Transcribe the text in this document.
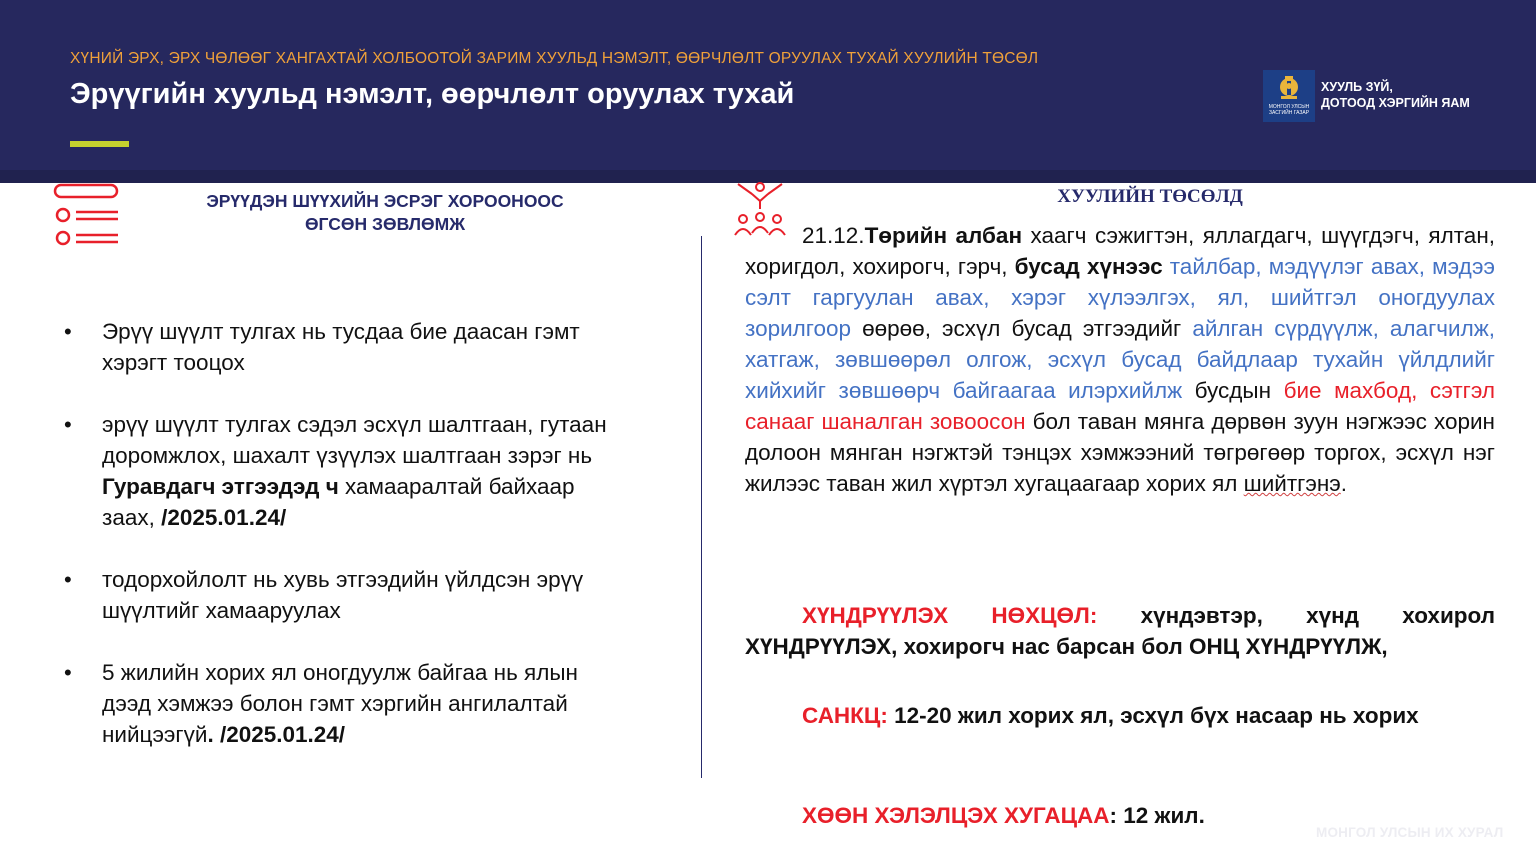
ХҮНИЙ ЭРХ, ЭРХ ЧӨЛӨӨГ ХАНГАХТАЙ ХОЛБООТОЙ ЗАРИМ ХУУЛЬД НЭМЭЛТ, ӨӨРЧЛӨЛТ ОРУУЛАХ ТУХАЙ ХУУЛИЙН ТӨСӨЛ
Эрүүгийн хуульд нэмэлт, өөрчлөлт оруулах тухай	МОНГОЛ УЛСЫН ЗАСГИЙН ГАЗАР
ХУУЛЬ ЗҮЙ,
ДОТООД ХЭРГИЙН ЯАМ
ЭРҮҮДЭН ШҮҮХИЙН ЭСРЭГ ХОРООНООС
ӨГСӨН ЗӨВЛӨМЖ
• Эрүү шүүлт тулгах нь тусдаа бие даасан гэмт хэрэгт тооцох
• эрүү шүүлт тулгах сэдэл эсхүл шалтгаан, гутаан доромжлох, шахалт үзүүлэх шалтгаан зэрэг нь Гуравдагч этгээдэд ч хамааралтай байхаар заах, /2025.01.24/
• тодорхойлолт нь хувь этгээдийн үйлдсэн эрүү шүүлтийг хамааруулах
• 5 жилийн хорих ял оногдуулж байгаа нь ялын дээд хэмжээ болон гэмт хэргийн ангилалтай нийцээгүй. /2025.01.24/
ХУУЛИЙН ТӨСӨЛД

21.12.Төрийн албан хаагч сэжигтэн, яллагдагч, шүүгдэгч, ялтан, хоригдол, хохирогч, гэрч, бусад хүнээс тайлбар, мэдүүлэг авах, мэдээ сэлт гаргуулан авах, хэрэг хүлээлгэх, ял, шийтгэл оногдуулах зорилгоор өөрөө, эсхүл бусад этгээдийг айлган сүрдүүлж, алагчилж, хатгаж, зөвшөөрөл олгож, эсхүл бусад байдлаар тухайн үйлдлийг хийхийг зөвшөөрч байгаагаа илэрхийлж бусдын бие махбод, сэтгэл санааг шаналган зовоосон бол таван мянга дөрвөн зуун нэгжээс хорин долоон мянган нэгжтэй тэнцэх хэмжээний төгрөгөөр торгох, эсхүл нэг жилээс таван жил хүртэл хугацаагаар хорих ял шийтгэнэ.

ХҮНДРҮҮЛЭХ НӨХЦӨЛ: хүндэвтэр, хүнд хохирол ХҮНДРҮҮЛЭХ, хохирогч нас барсан бол ОНЦ ХҮНДРҮҮЛЖ,

САНКЦ: 12-20 жил хорих ял, эсхүл бүх насаар нь хорих

ХӨӨН ХЭЛЭЛЦЭХ ХУГАЦАА: 12 жил.

МОНГОЛ УЛСЫН ИХ ХУРАЛ
